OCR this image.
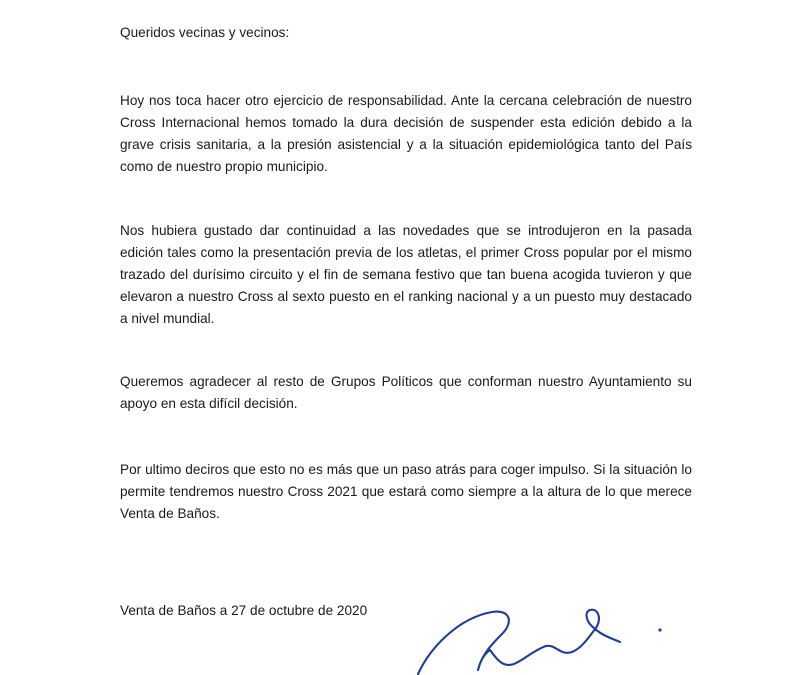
Queridos vecinas y vecinos:

Hoy nos toca hacer otro ejercicio de responsabilidad. Ante la cercana celebración de nuestro Cross Internacional hemos tomado la dura decisión de suspender esta edición debido a la grave crisis sanitaria, a la presión asistencial y a la situación epidemiológica tanto del País como de nuestro propio municipio.

Nos hubiera gustado dar continuidad a las novedades que se introdujeron en la pasada edición tales como la presentación previa de los atletas, el primer Cross popular por el mismo trazado del durísimo circuito y el fin de semana festivo que tan buena acogida tuvieron y que elevaron a nuestro Cross al sexto puesto en el ranking nacional y a un puesto muy destacado a nivel mundial.

Queremos agradecer al resto de Grupos Políticos que conforman nuestro Ayuntamiento su apoyo en esta difícil decisión.

Por ultimo deciros que esto no es más que un paso atrás para coger impulso. Si la situación lo permite tendremos nuestro Cross 2021 que estará como siempre a la altura de lo que merece Venta de Baños.

Venta de Baños a 27 de octubre de 2020
